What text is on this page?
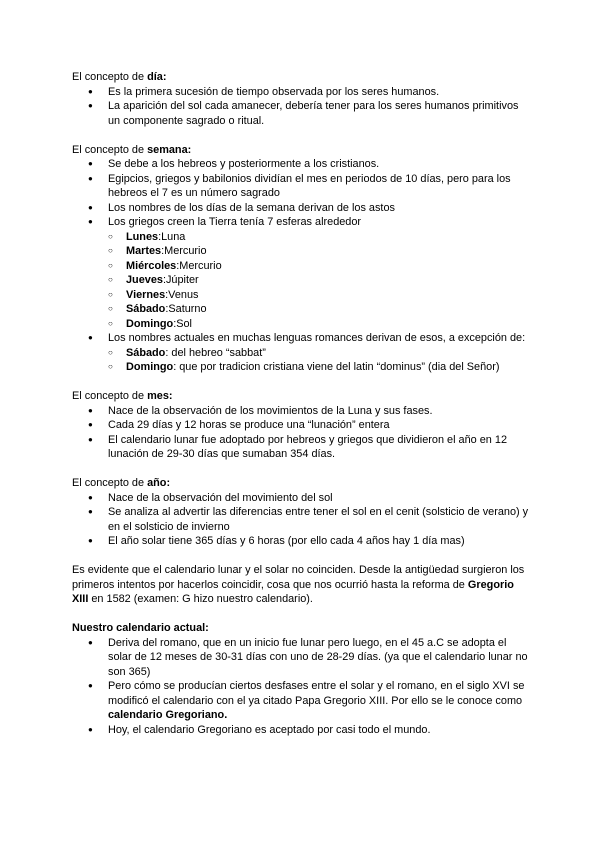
El concepto de día:

● Es la primera sucesión de tiempo observada por los seres humanos.
● La aparición del sol cada amanecer, debería tener para los seres humanos primitivos un componente sagrado o ritual.

El concepto de semana:

● Se debe a los hebreos y posteriormente a los cristianos.
● Egipcios, griegos y babilonios dividían el mes en periodos de 10 días, pero para los hebreos el 7 es un número sagrado
● Los nombres de los días de la semana derivan de los astos
● Los griegos creen la Tierra tenía 7 esferas alrededor
○ Lunes:Luna
○ Martes:Mercurio
○ Miércoles:Mercurio
○ Jueves:Júpiter
○ Viernes:Venus
○ Sábado:Saturno
○ Domingo:Sol
● Los nombres actuales en muchas lenguas romances derivan de esos, a excepción de:
○ Sábado: del hebreo “sabbat”
○ Domingo: que por tradicion cristiana viene del latin “dominus” (dia del Señor)

El concepto de mes:

● Nace de la observación de los movimientos de la Luna y sus fases.
● Cada 29 días y 12 horas se produce una “lunación” entera
● El calendario lunar fue adoptado por hebreos y griegos que dividieron el año en 12 lunación de 29-30 días que sumaban 354 días.

El concepto de año:

● Nace de la observación del movimiento del sol
● Se analiza al advertir las diferencias entre tener el sol en el cenit (solsticio de verano) y en el solsticio de invierno
● El año solar tiene 365 días y 6 horas (por ello cada 4 años hay 1 día mas)

Es evidente que el calendario lunar y el solar no coinciden. Desde la antigüedad surgieron los primeros intentos por hacerlos coincidir, cosa que nos ocurrió hasta la reforma de Gregorio XIII en 1582 (examen: G hizo nuestro calendario).

Nuestro calendario actual:

● Deriva del romano, que en un inicio fue lunar pero luego, en el 45 a.C se adopta el solar de 12 meses de 30-31 días con uno de 28-29 días. (ya que el calendario lunar no son 365)
● Pero cómo se producían ciertos desfases entre el solar y el romano, en el siglo XVI se modificó el calendario con el ya citado Papa Gregorio XIII. Por ello se le conoce como calendario Gregoriano.
● Hoy, el calendario Gregoriano es aceptado por casi todo el mundo.
